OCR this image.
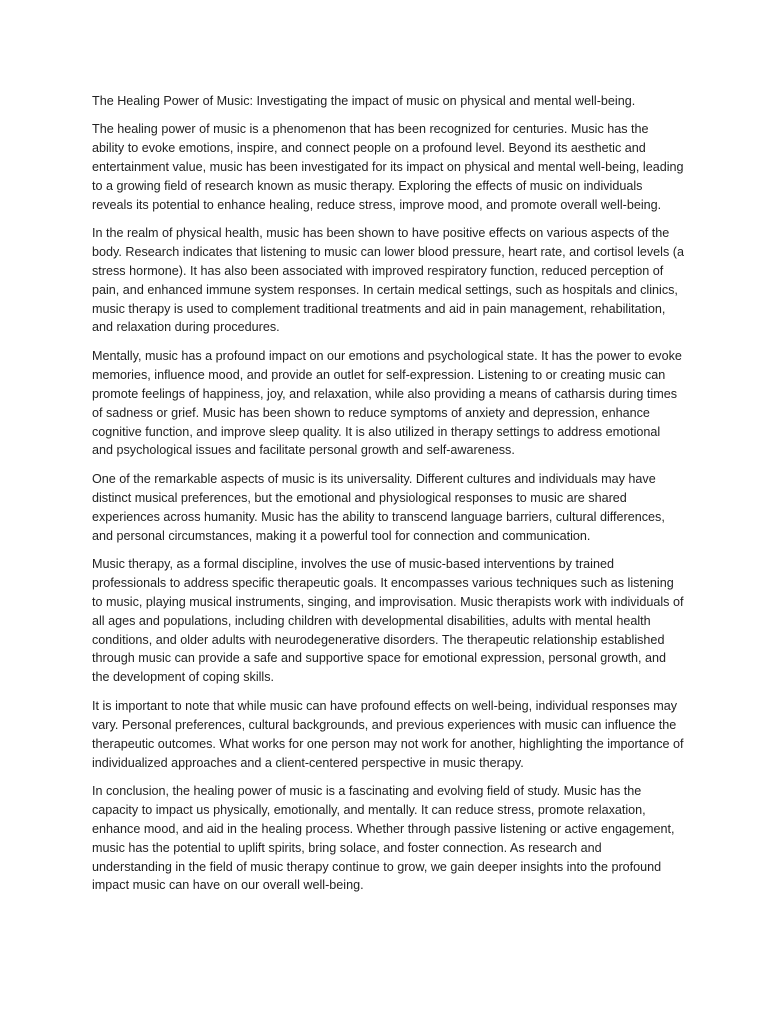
The Healing Power of Music: Investigating the impact of music on physical and mental well-being.

The healing power of music is a phenomenon that has been recognized for centuries. Music has the ability to evoke emotions, inspire, and connect people on a profound level. Beyond its aesthetic and entertainment value, music has been investigated for its impact on physical and mental well-being, leading to a growing field of research known as music therapy. Exploring the effects of music on individuals reveals its potential to enhance healing, reduce stress, improve mood, and promote overall well-being.

In the realm of physical health, music has been shown to have positive effects on various aspects of the body. Research indicates that listening to music can lower blood pressure, heart rate, and cortisol levels (a stress hormone). It has also been associated with improved respiratory function, reduced perception of pain, and enhanced immune system responses. In certain medical settings, such as hospitals and clinics, music therapy is used to complement traditional treatments and aid in pain management, rehabilitation, and relaxation during procedures.

Mentally, music has a profound impact on our emotions and psychological state. It has the power to evoke memories, influence mood, and provide an outlet for self-expression. Listening to or creating music can promote feelings of happiness, joy, and relaxation, while also providing a means of catharsis during times of sadness or grief. Music has been shown to reduce symptoms of anxiety and depression, enhance cognitive function, and improve sleep quality. It is also utilized in therapy settings to address emotional and psychological issues and facilitate personal growth and self-awareness.

One of the remarkable aspects of music is its universality. Different cultures and individuals may have distinct musical preferences, but the emotional and physiological responses to music are shared experiences across humanity. Music has the ability to transcend language barriers, cultural differences, and personal circumstances, making it a powerful tool for connection and communication.

Music therapy, as a formal discipline, involves the use of music-based interventions by trained professionals to address specific therapeutic goals. It encompasses various techniques such as listening to music, playing musical instruments, singing, and improvisation. Music therapists work with individuals of all ages and populations, including children with developmental disabilities, adults with mental health conditions, and older adults with neurodegenerative disorders. The therapeutic relationship established through music can provide a safe and supportive space for emotional expression, personal growth, and the development of coping skills.

It is important to note that while music can have profound effects on well-being, individual responses may vary. Personal preferences, cultural backgrounds, and previous experiences with music can influence the therapeutic outcomes. What works for one person may not work for another, highlighting the importance of individualized approaches and a client-centered perspective in music therapy.

In conclusion, the healing power of music is a fascinating and evolving field of study. Music has the capacity to impact us physically, emotionally, and mentally. It can reduce stress, promote relaxation, enhance mood, and aid in the healing process. Whether through passive listening or active engagement, music has the potential to uplift spirits, bring solace, and foster connection. As research and understanding in the field of music therapy continue to grow, we gain deeper insights into the profound impact music can have on our overall well-being.
